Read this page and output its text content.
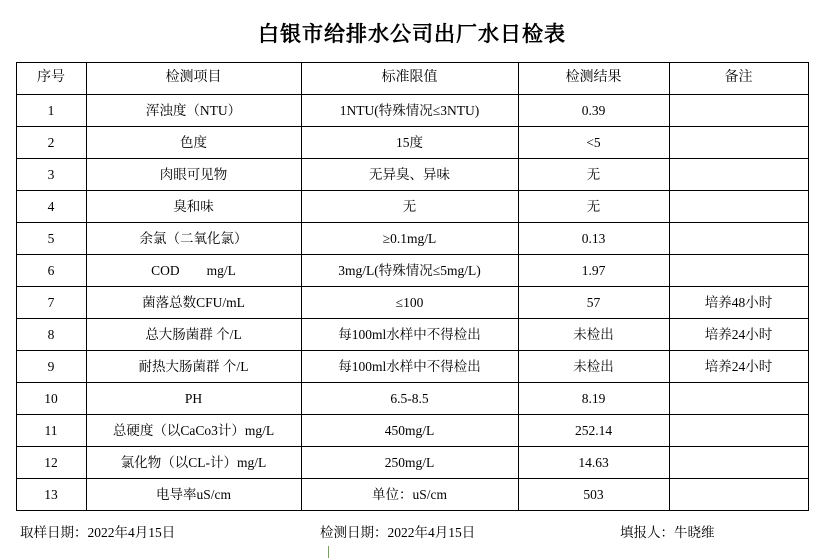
白银市给排水公司出厂水日检表
序号	检测项目	标准限值	检测结果	备注
1	浑浊度（NTU）	1NTU(特殊情况≤3NTU)	0.39	
2	色度	15度	<5	
3	肉眼可见物	无异臭、异味	无	
4	臭和味	无	无	
5	余氯（二氧化氯）	≥0.1mg/L	0.13	
6	COD        mg/L	3mg/L(特殊情况≤5mg/L)	1.97	
7	菌落总数CFU/mL	≤100	57	培养48小时
8	总大肠菌群 个/L	每100ml水样中不得检出	未检出	培养24小时
9	耐热大肠菌群 个/L	每100ml水样中不得检出	未检出	培养24小时
10	PH	6.5-8.5	8.19	
11	总硬度（以CaCo3计）mg/L	450mg/L	252.14	
12	氯化物（以CL-计）mg/L	250mg/L	14.63	
13	电导率uS/cm	单位：uS/cm	503	
取样日期：2022年4月15日	检测日期：2022年4月15日	填报人：牛晓维
